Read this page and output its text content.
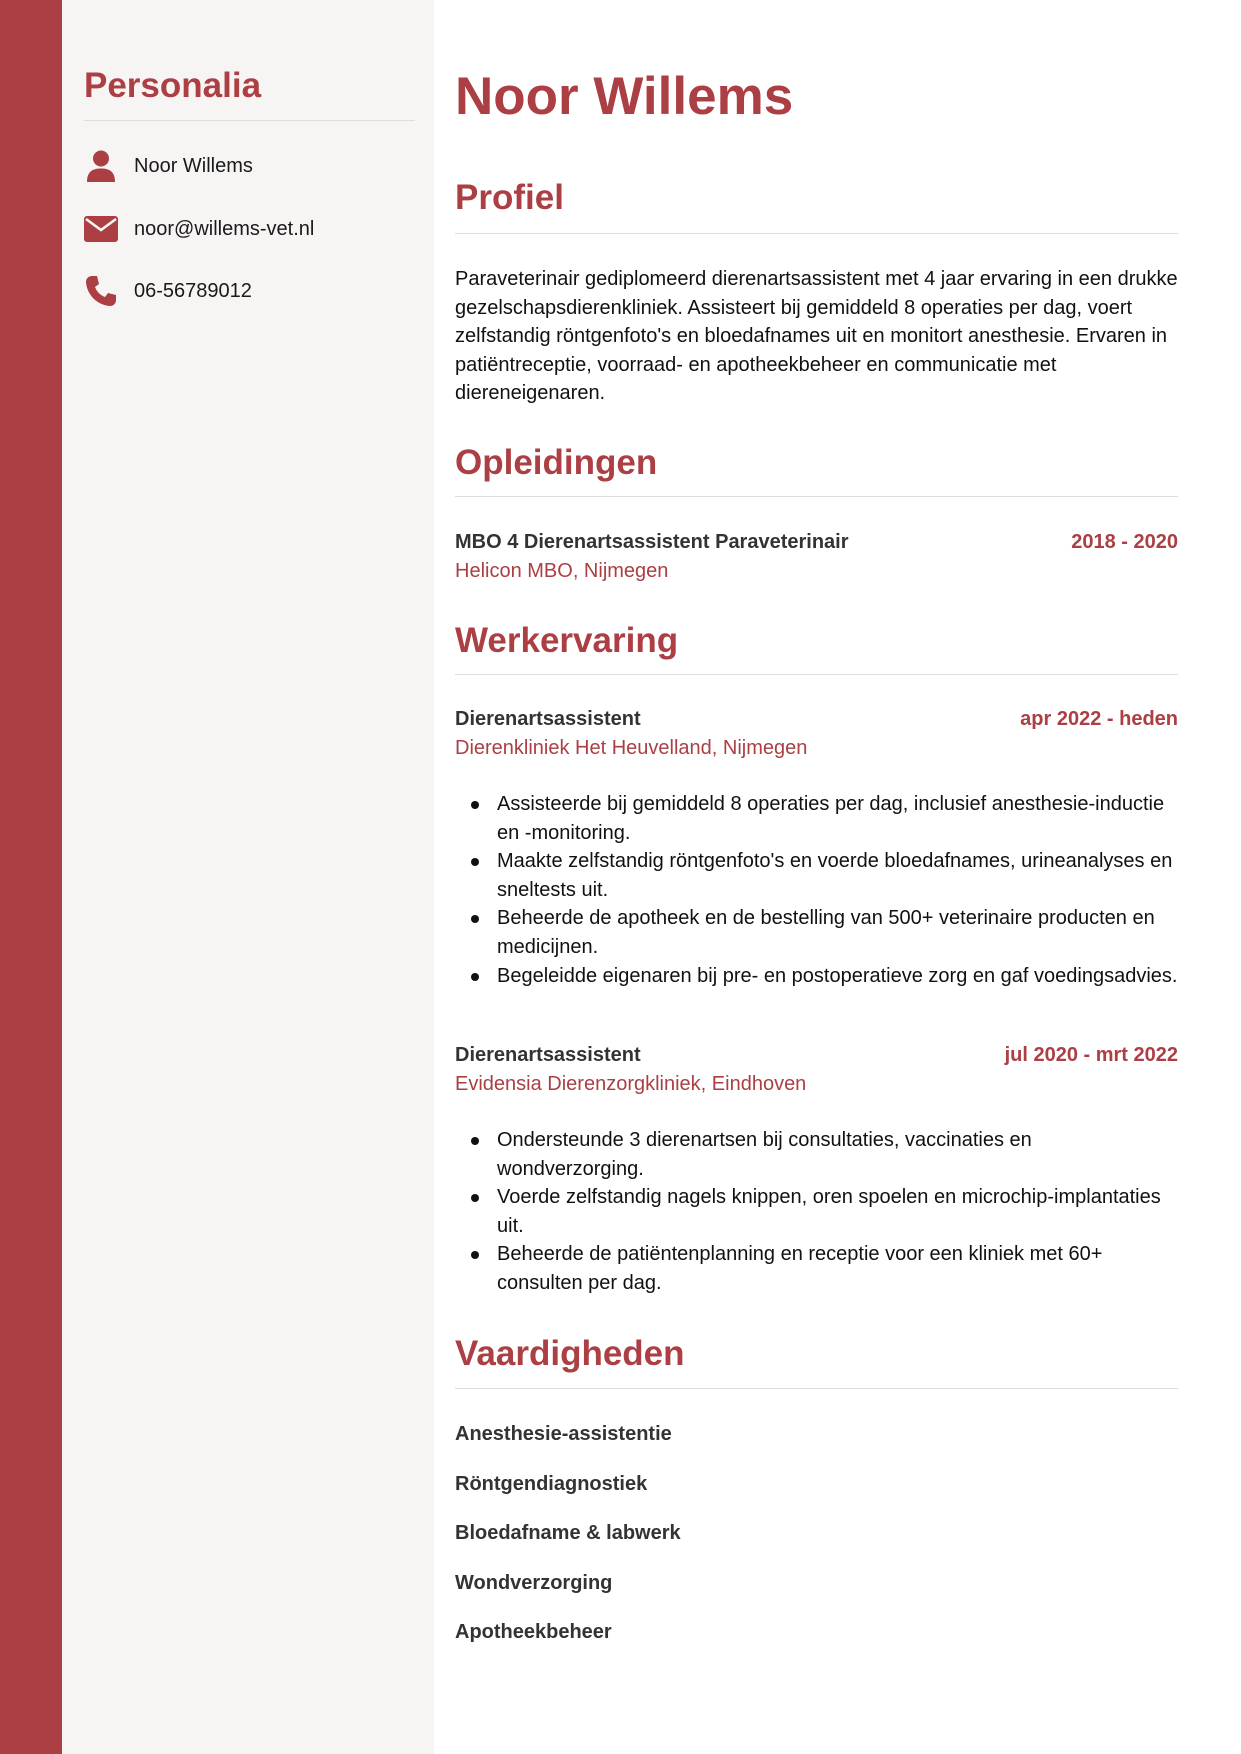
Personalia
Noor Willems
noor@willems-vet.nl
06-56789012
Noor Willems
Profiel

Paraveterinair gediplomeerd dierenartsassistent met 4 jaar ervaring in een drukke gezelschapsdierenkliniek. Assisteert bij gemiddeld 8 operaties per dag, voert zelfstandig röntgenfoto's en bloedafnames uit en monitort anesthesie. Ervaren in patiëntreceptie, voorraad- en apotheekbeheer en communicatie met diereneigenaren.

Opleidingen
MBO 4 Dierenartsassistent Paraveterinair	2018 - 2020
Helicon MBO, Nijmegen
Werkervaring
Dierenartsassistent	apr 2022 - heden
Dierenkliniek Het Heuvelland, Nijmegen
Assisteerde bij gemiddeld 8 operaties per dag, inclusief anesthesie-inductie en -monitoring.
Maakte zelfstandig röntgenfoto's en voerde bloedafnames, urineanalyses en sneltests uit.
Beheerde de apotheek en de bestelling van 500+ veterinaire producten en medicijnen.
Begeleidde eigenaren bij pre- en postoperatieve zorg en gaf voedingsadvies.
Dierenartsassistent	jul 2020 - mrt 2022
Evidensia Dierenzorgkliniek, Eindhoven
Ondersteunde 3 dierenartsen bij consultaties, vaccinaties en wondverzorging.
Voerde zelfstandig nagels knippen, oren spoelen en microchip-implantaties uit.
Beheerde de patiëntenplanning en receptie voor een kliniek met 60+ consulten per dag.
Vaardigheden
Anesthesie-assistentie
Röntgendiagnostiek
Bloedafname & labwerk
Wondverzorging
Apotheekbeheer
